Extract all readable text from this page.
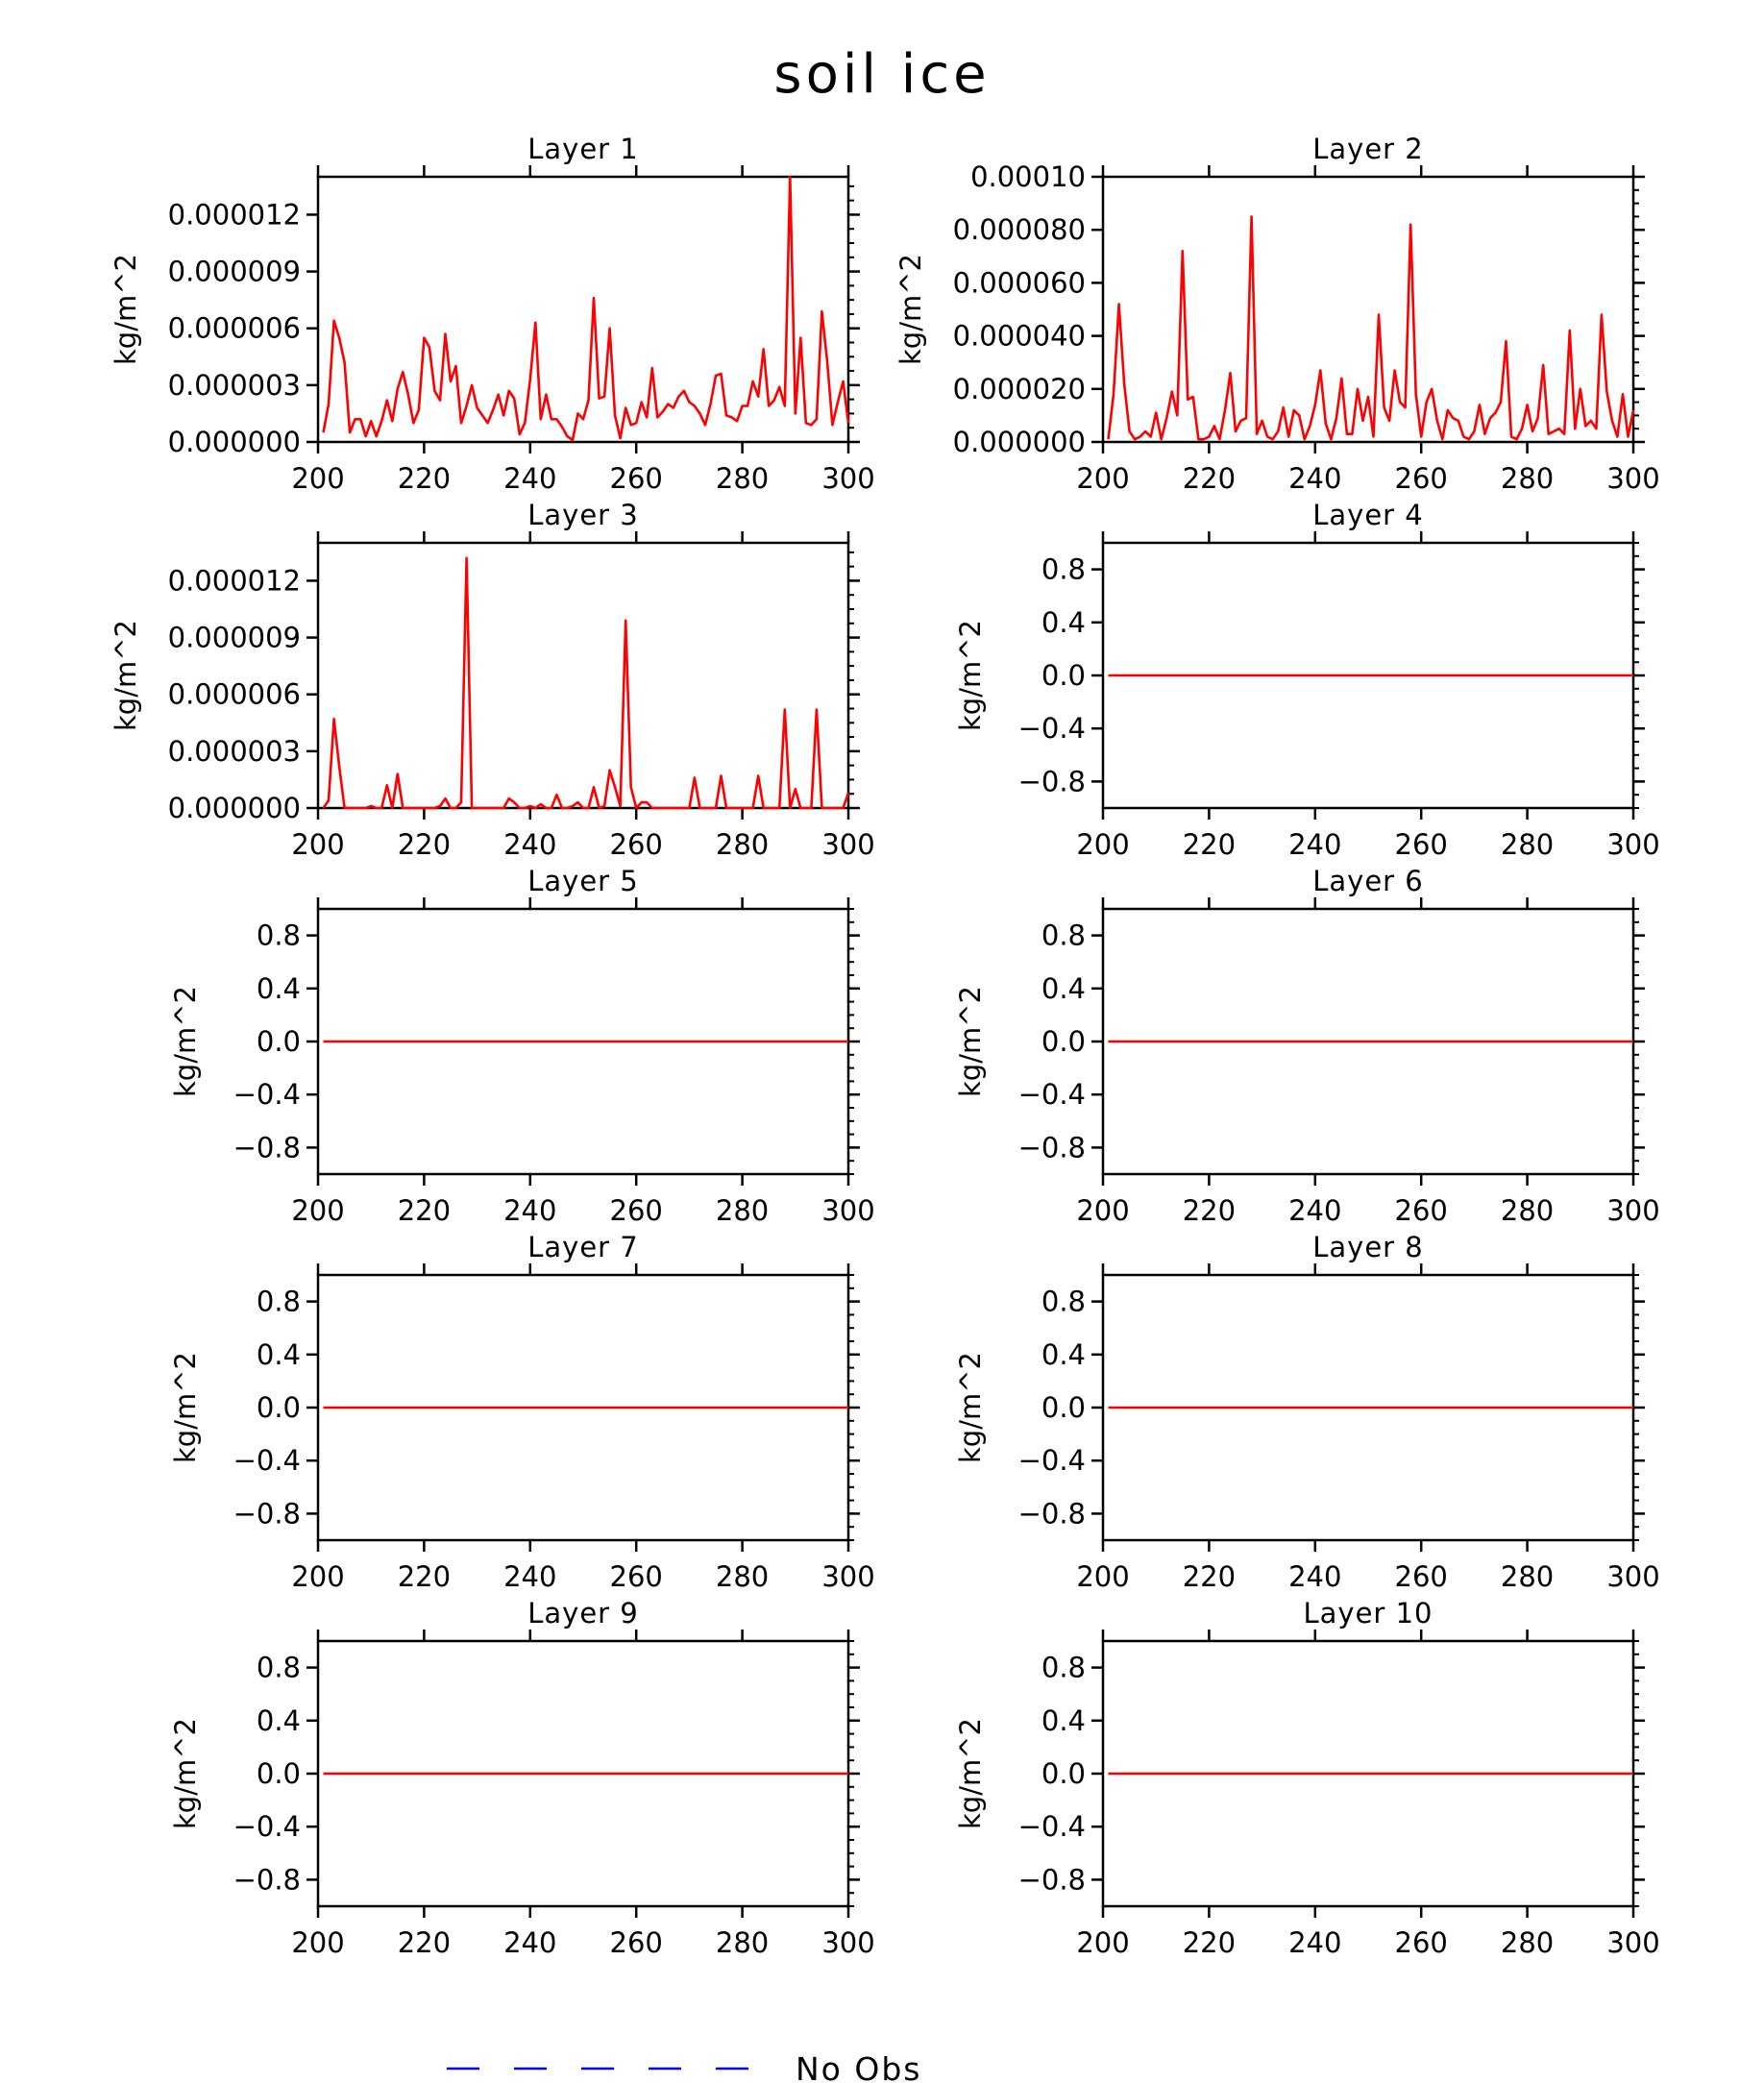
soil ice
Layer 1
200 220 240 260 280 300
0.000000
0.000003
0.000006
0.000009
0.000012
kg/m^2
Layer 2
200 220 240 260 280 300
0.000000
0.000020
0.000040
0.000060
0.000080
0.00010
kg/m^2
Layer 3
200 220 240 260 280 300
0.000000
0.000003
0.000006
0.000009
0.000012
kg/m^2
Layer 4
200 220 240 260 280 300
−0.8
−0.4
0.0
0.4
0.8
kg/m^2
Layer 5
200 220 240 260 280 300
−0.8
−0.4
0.0
0.4
0.8
kg/m^2
Layer 6
200 220 240 260 280 300
−0.8
−0.4
0.0
0.4
0.8
kg/m^2
Layer 7
200 220 240 260 280 300
−0.8
−0.4
0.0
0.4
0.8
kg/m^2
Layer 8
200 220 240 260 280 300
−0.8
−0.4
0.0
0.4
0.8
kg/m^2
Layer 9
200 220 240 260 280 300
−0.8
−0.4
0.0
0.4
0.8
kg/m^2
Layer 10
200 220 240 260 280 300
−0.8
−0.4
0.0
0.4
0.8
kg/m^2
No Obs
